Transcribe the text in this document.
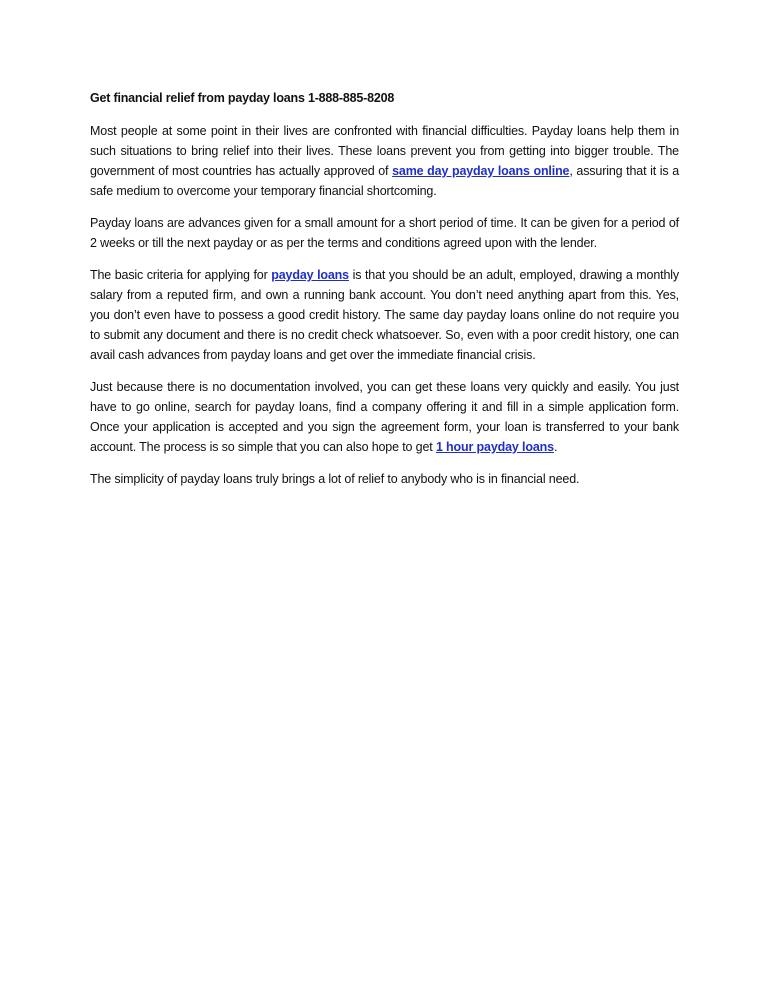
Get financial relief from payday loans 1-888-885-8208

Most people at some point in their lives are confronted with financial difficulties. Payday loans help them in such situations to bring relief into their lives. These loans prevent you from getting into bigger trouble. The government of most countries has actually approved of same day payday loans online, assuring that it is a safe medium to overcome your temporary financial shortcoming.

Payday loans are advances given for a small amount for a short period of time. It can be given for a period of 2 weeks or till the next payday or as per the terms and conditions agreed upon with the lender.

The basic criteria for applying for payday loans is that you should be an adult, employed, drawing a monthly salary from a reputed firm, and own a running bank account. You don’t need anything apart from this. Yes, you don’t even have to possess a good credit history. The same day payday loans online do not require you to submit any document and there is no credit check whatsoever. So, even with a poor credit history, one can avail cash advances from payday loans and get over the immediate financial crisis.

Just because there is no documentation involved, you can get these loans very quickly and easily. You just have to go online, search for payday loans, find a company offering it and fill in a simple application form. Once your application is accepted and you sign the agreement form, your loan is transferred to your bank account. The process is so simple that you can also hope to get 1 hour payday loans.

The simplicity of payday loans truly brings a lot of relief to anybody who is in financial need.
